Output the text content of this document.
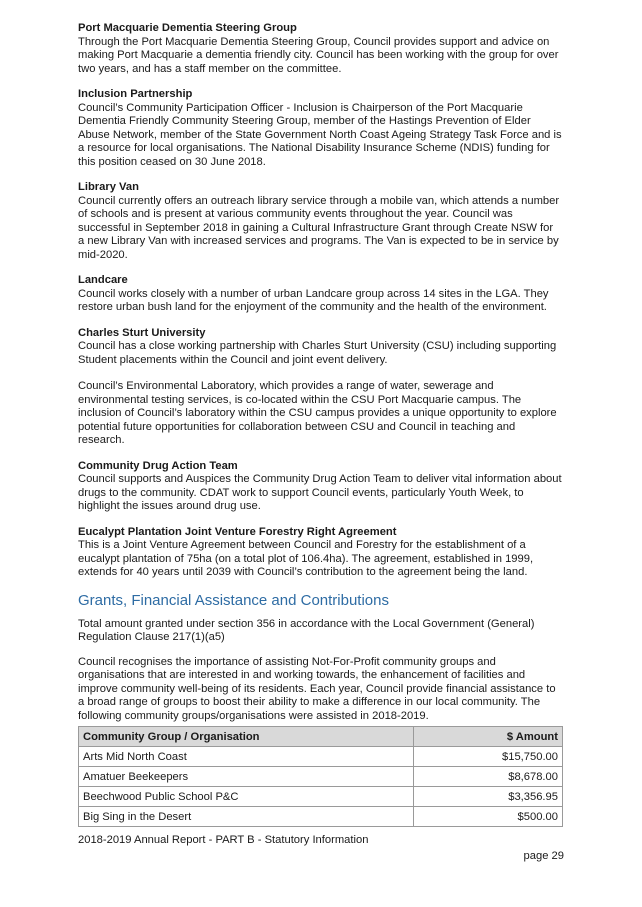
Port Macquarie Dementia Steering Group

Through the Port Macquarie Dementia Steering Group, Council provides support and advice on making Port Macquarie a dementia friendly city. Council has been working with the group for over two years, and has a staff member on the committee.

Inclusion Partnership

Council’s Community Participation Officer - Inclusion is Chairperson of the Port Macquarie Dementia Friendly Community Steering Group, member of the Hastings Prevention of Elder Abuse Network, member of the State Government North Coast Ageing Strategy Task Force and is a resource for local organisations. The National Disability Insurance Scheme (NDIS) funding for this position ceased on 30 June 2018.

Library Van

Council currently offers an outreach library service through a mobile van, which attends a number of schools and is present at various community events throughout the year. Council was successful in September 2018 in gaining a Cultural Infrastructure Grant through Create NSW for a new Library Van with increased services and programs. The Van is expected to be in service by mid-2020.

Landcare

Council works closely with a number of urban Landcare group across 14 sites in the LGA. They restore urban bush land for the enjoyment of the community and the health of the environment.

Charles Sturt University

Council has a close working partnership with Charles Sturt University (CSU) including supporting Student placements within the Council and joint event delivery.

Council’s Environmental Laboratory, which provides a range of water, sewerage and environmental testing services, is co-located within the CSU Port Macquarie campus. The inclusion of Council’s laboratory within the CSU campus provides a unique opportunity to explore potential future opportunities for collaboration between CSU and Council in teaching and research.

Community Drug Action Team

Council supports and Auspices the Community Drug Action Team to deliver vital information about drugs to the community. CDAT work to support Council events, particularly Youth Week, to highlight the issues around drug use.

Eucalypt Plantation Joint Venture Forestry Right Agreement

This is a Joint Venture Agreement between Council and Forestry for the establishment of a eucalypt plantation of 75ha (on a total plot of 106.4ha). The agreement, established in 1999, extends for 40 years until 2039 with Council’s contribution to the agreement being the land.

Grants, Financial Assistance and Contributions

Total amount granted under section 356 in accordance with the Local Government (General) Regulation Clause 217(1)(a5)

Council recognises the importance of assisting Not-For-Profit community groups and organisations that are interested in and working towards, the enhancement of facilities and improve community well-being of its residents. Each year, Council provide financial assistance to a broad range of groups to boost their ability to make a difference in our local community. The following community groups/organisations were assisted in 2018-2019.

Community Group / Organisation	$ Amount
Arts Mid North Coast	$15,750.00
Amatuer Beekeepers	$8,678.00
Beechwood Public School P&C	$3,356.95
Big Sing in the Desert	$500.00
2018-2019 Annual Report - PART B - Statutory Information
page 29
